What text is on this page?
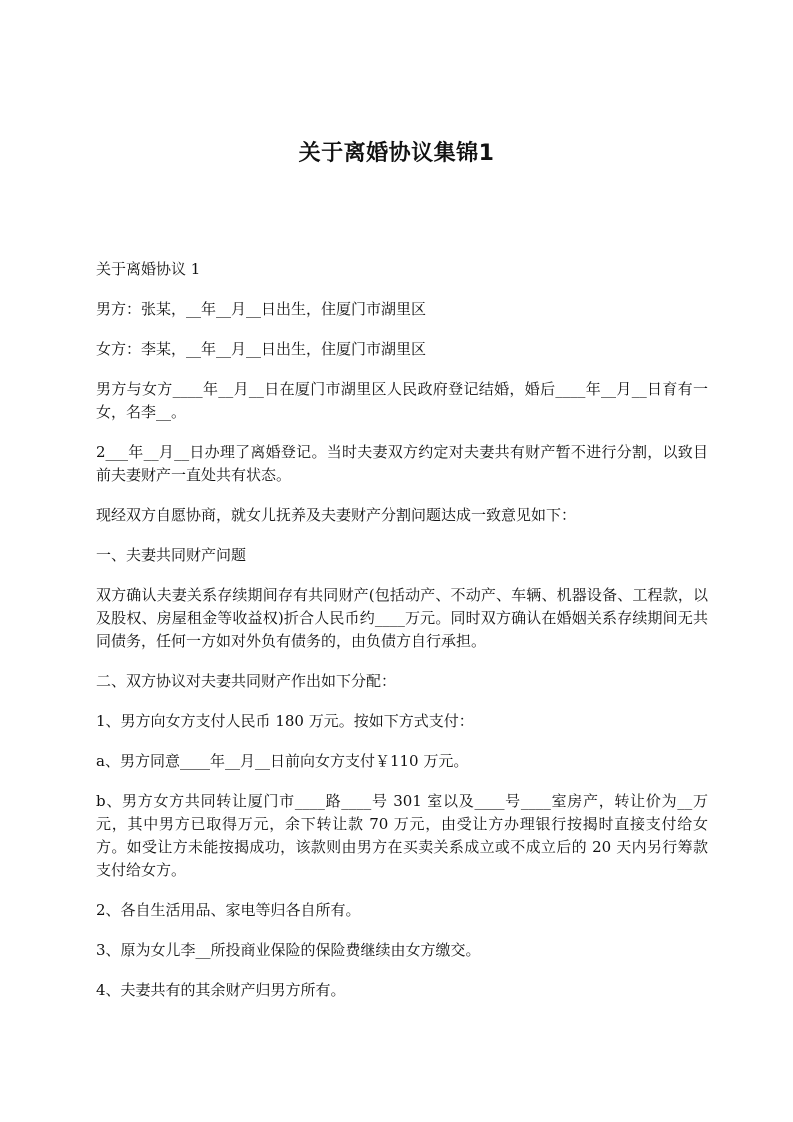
关于离婚协议集锦1

关于离婚协议 1

男方：张某，__年__月__日出生，住厦门市湖里区

女方：李某，__年__月__日出生，住厦门市湖里区

男方与女方____年__月__日在厦门市湖里区人民政府登记结婚，婚后____年__月__日育有一女，名李__。

2___年__月__日办理了离婚登记。当时夫妻双方约定对夫妻共有财产暂不进行分割，以致目前夫妻财产一直处共有状态。

现经双方自愿协商，就女儿抚养及夫妻财产分割问题达成一致意见如下：

一、夫妻共同财产问题

双方确认夫妻关系存续期间存有共同财产(包括动产、不动产、车辆、机器设备、工程款，以及股权、房屋租金等收益权)折合人民币约____万元。同时双方确认在婚姻关系存续期间无共同债务，任何一方如对外负有债务的，由负债方自行承担。

二、双方协议对夫妻共同财产作出如下分配：

1、男方向女方支付人民币 180 万元。按如下方式支付：

a、男方同意____年__月__日前向女方支付￥110 万元。

b、男方女方共同转让厦门市____路____号 301 室以及____号____室房产，转让价为__万元，其中男方已取得万元，余下转让款 70 万元，由受让方办理银行按揭时直接支付给女方。如受让方未能按揭成功，该款则由男方在买卖关系成立或不成立后的 20 天内另行筹款支付给女方。

2、各自生活用品、家电等归各自所有。

3、原为女儿李__所投商业保险的保险费继续由女方缴交。

4、夫妻共有的其余财产归男方所有。
